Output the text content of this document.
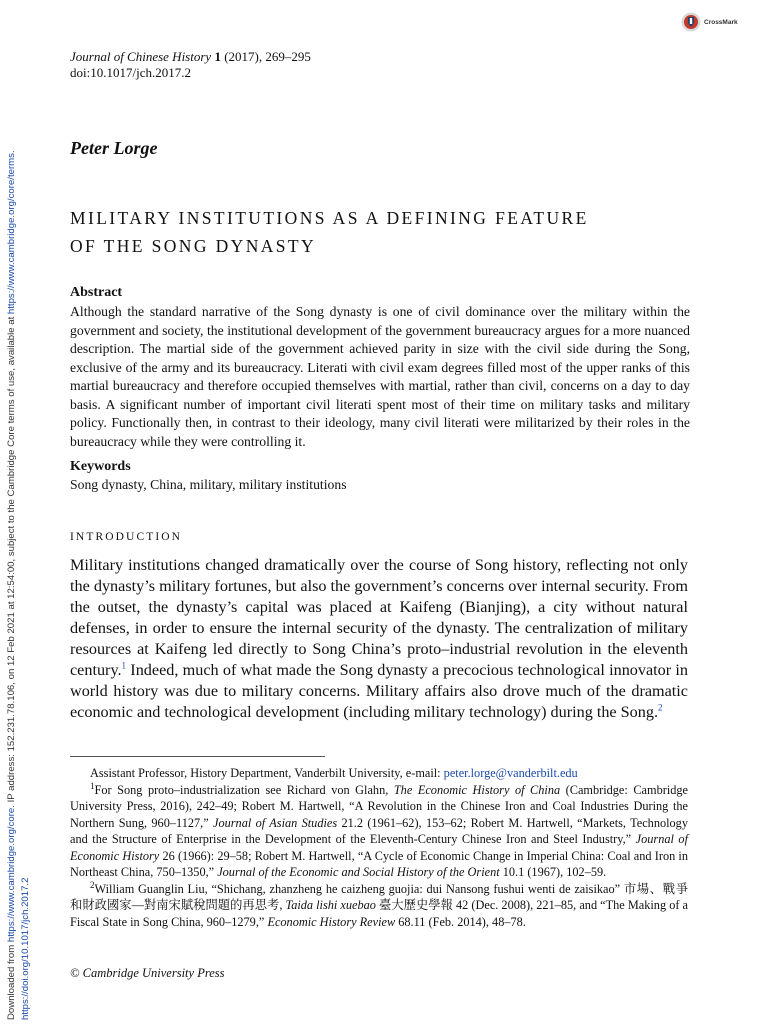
Downloaded from https://www.cambridge.org/core. IP address: 152.231.78.106, on 12 Feb 2021 at 12:54:00, subject to the Cambridge Core terms of use, available at https://www.cambridge.org/core/terms.
https://doi.org/10.1017/jch.2017.2
CrossMark
Journal of Chinese History 1 (2017), 269–295
doi:10.1017/jch.2017.2
Peter Lorge
MILITARY INSTITUTIONS AS A DEFINING FEATURE
OF THE SONG DYNASTY
Abstract
Although the standard narrative of the Song dynasty is one of civil dominance over the military within the government and society, the institutional development of the government bureaucracy argues for a more nuanced description. The martial side of the government achieved parity in size with the civil side during the Song, exclusive of the army and its bureaucracy. Literati with civil exam degrees filled most of the upper ranks of this martial bureaucracy and therefore occupied themselves with martial, rather than civil, concerns on a day to day basis. A significant number of important civil literati spent most of their time on military tasks and military policy. Functionally then, in contrast to their ideology, many civil literati were militarized by their roles in the bureaucracy while they were controlling it.
Keywords
Song dynasty, China, military, military institutions
INTRODUCTION
Military institutions changed dramatically over the course of Song history, reflecting not only the dynasty’s military fortunes, but also the government’s concerns over internal security. From the outset, the dynasty’s capital was placed at Kaifeng (Bianjing), a city without natural defenses, in order to ensure the internal security of the dynasty. The centralization of military resources at Kaifeng led directly to Song China’s proto–industrial revolution in the eleventh century.$^1$ Indeed, much of what made the Song dynasty a precocious technological innovator in world history was due to military concerns. Military affairs also drove much of the dramatic economic and technological development (including military technology) during the Song.$^2$

Assistant Professor, History Department, Vanderbilt University, e-mail: peter.lorge@vanderbilt.edu

$^1$For Song proto–industrialization see Richard von Glahn, The Economic History of China (Cambridge: Cambridge University Press, 2016), 242–49; Robert M. Hartwell, “A Revolution in the Chinese Iron and Coal Industries During the Northern Sung, 960–1127,” Journal of Asian Studies 21.2 (1961–62), 153–62; Robert M. Hartwell, “Markets, Technology and the Structure of Enterprise in the Development of the Eleventh-Century Chinese Iron and Steel Industry,” Journal of Economic History 26 (1966): 29–58; Robert M. Hartwell, “A Cycle of Economic Change in Imperial China: Coal and Iron in Northeast China, 750–1350,” Journal of the Economic and Social History of the Orient 10.1 (1967), 102–59.

$^2$William Guanglin Liu, “Shichang, zhanzheng he caizheng guojia: dui Nansong fushui wenti de zaisikao” 市場、戰爭和財政國家—對南宋賦稅問題的再思考, Taida lishi xuebao 臺大歷史學報 42 (Dec. 2008), 221–85, and “The Making of a Fiscal State in Song China, 960–1279,” Economic History Review 68.11 (Feb. 2014), 48–78.

© Cambridge University Press
